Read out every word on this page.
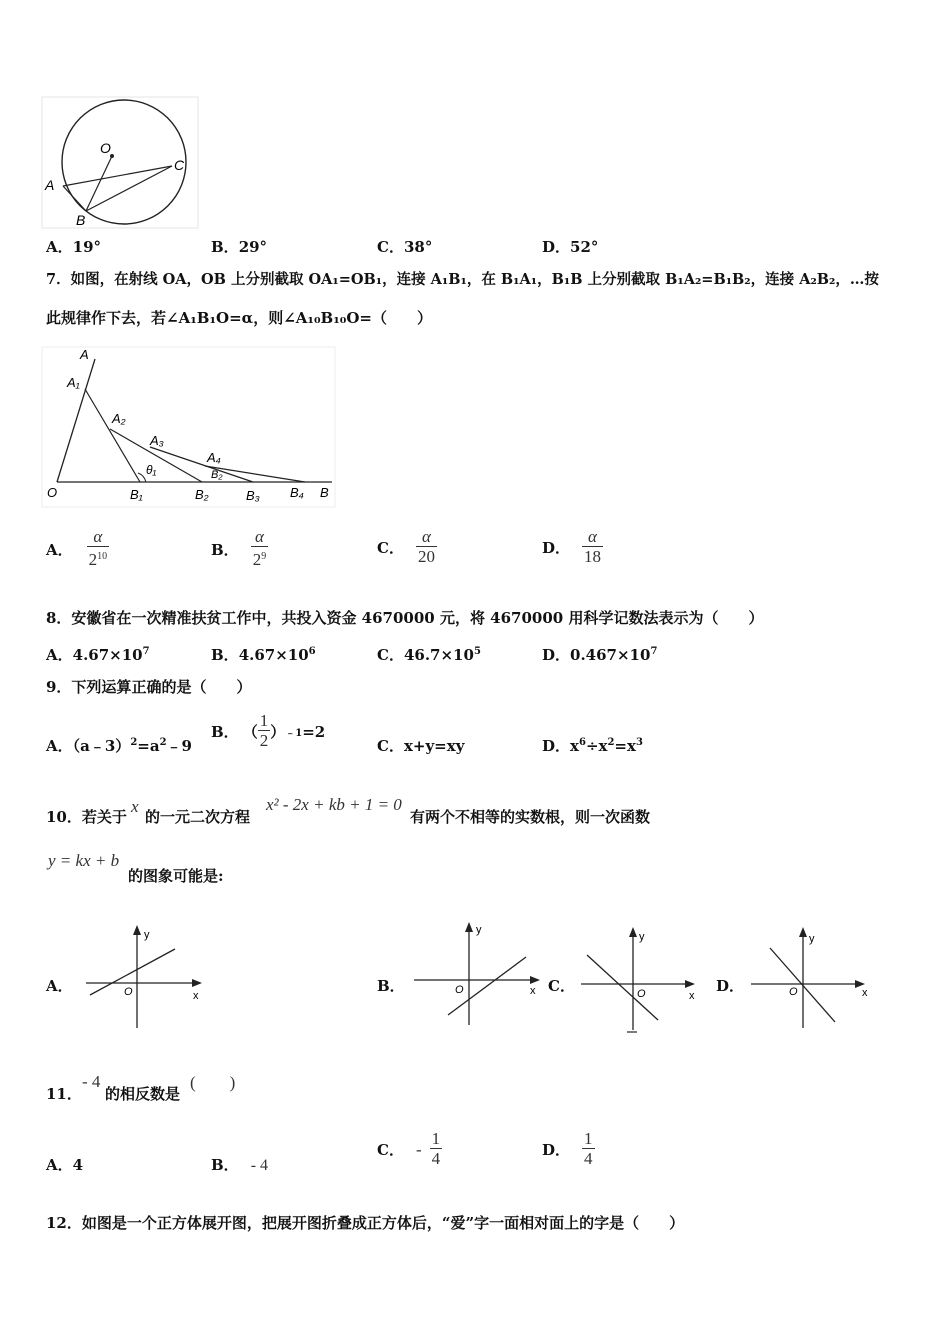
O
A
B
C
A．19°	B．29°	C．38°	D．52°
7．如图，在射线 OA，OB 上分别截取 OA₁=OB₁，连接 A₁B₁，在 B₁A₁，B₁B 上分别截取 B₁A₂=B₁B₂，连接 A₂B₂，…按
此规律作下去，若∠A₁B₁O=α，则∠A₁₀B₁₀O=（　　）
A
A₁
A₂
A₃
A₄
θ₁	B₂
O	B₁	B₂	B₃ B₄ B
A． $\frac{\alpha}{2^{10}}$	B． $\frac{\alpha}{2^9}$	C． $\frac{\alpha}{20}$	D． $\frac{\alpha}{18}$
8．安徽省在一次精准扶贫工作中，共投入资金 4670000 元，将 4670000 用科学记数法表示为（　　）
A．$4.67\times 10^7$	B．$4.67\times 10^6$	C．$46.7\times 10^5$	D．$0.467\times 10^7$
9．下列运算正确的是（　　）
A．$(a﹣3)^2=a^2﹣9$
B． （ $\frac{1}{2}$ ） ﹣1 =2
C．x+y=xy	D．$x^6\div x^2=x^3$
10．若关于
x
的一元二次方程
x² - 2x + kb + 1 = 0
有两个不相等的实数根，则一次函数
y = kx + b
的图象可能是:
A．
y
x
O	B．
y
x
O	C．
y
x
O	D．
y
x
O
11．
- 4
的相反数是
(　　)
A．4	B． - 4
C． - $\frac{1}{4}$	D． $\frac{1}{4}$
12．如图是一个正方体展开图，把展开图折叠成正方体后，“爱”字一面相对面上的字是（　　）
